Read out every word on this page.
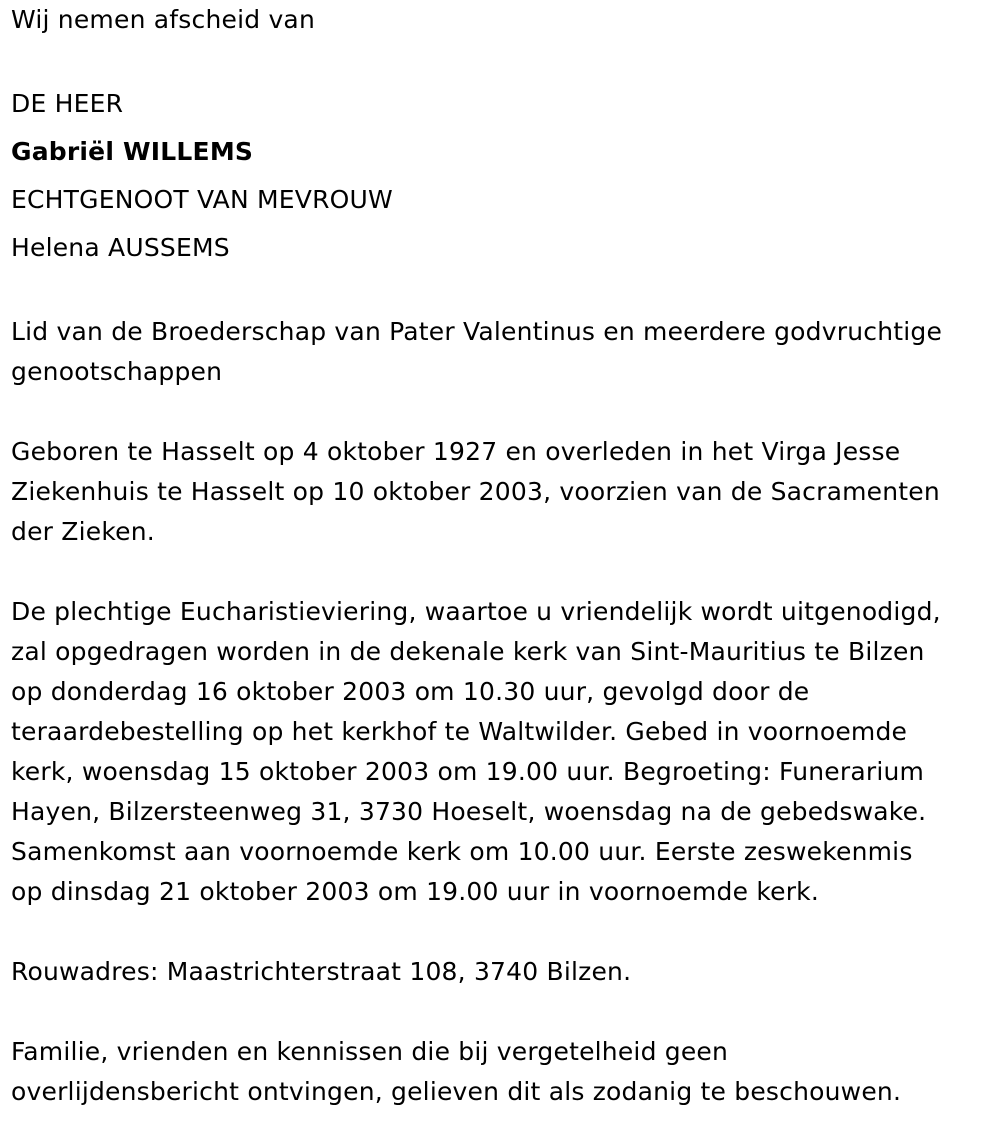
Wij nemen afscheid van

DE HEER

Gabriël WILLEMS

ECHTGENOOT VAN MEVROUW

Helena AUSSEMS

Lid van de Broederschap van Pater Valentinus en meerdere godvruchtige

genootschappen

Geboren te Hasselt op 4 oktober 1927 en overleden in het Virga Jesse

Ziekenhuis te Hasselt op 10 oktober 2003, voorzien van de Sacramenten

der Zieken.

De plechtige Eucharistieviering, waartoe u vriendelijk wordt uitgenodigd,

zal opgedragen worden in de dekenale kerk van Sint-Mauritius te Bilzen

op donderdag 16 oktober 2003 om 10.30 uur, gevolgd door de

teraardebestelling op het kerkhof te Waltwilder. Gebed in voornoemde

kerk, woensdag 15 oktober 2003 om 19.00 uur. Begroeting: Funerarium

Hayen, Bilzersteenweg 31, 3730 Hoeselt, woensdag na de gebedswake.

Samenkomst aan voornoemde kerk om 10.00 uur. Eerste zeswekenmis

op dinsdag 21 oktober 2003 om 19.00 uur in voornoemde kerk.

Rouwadres: Maastrichterstraat 108, 3740 Bilzen.

Familie, vrienden en kennissen die bij vergetelheid geen

overlijdensbericht ontvingen, gelieven dit als zodanig te beschouwen.
